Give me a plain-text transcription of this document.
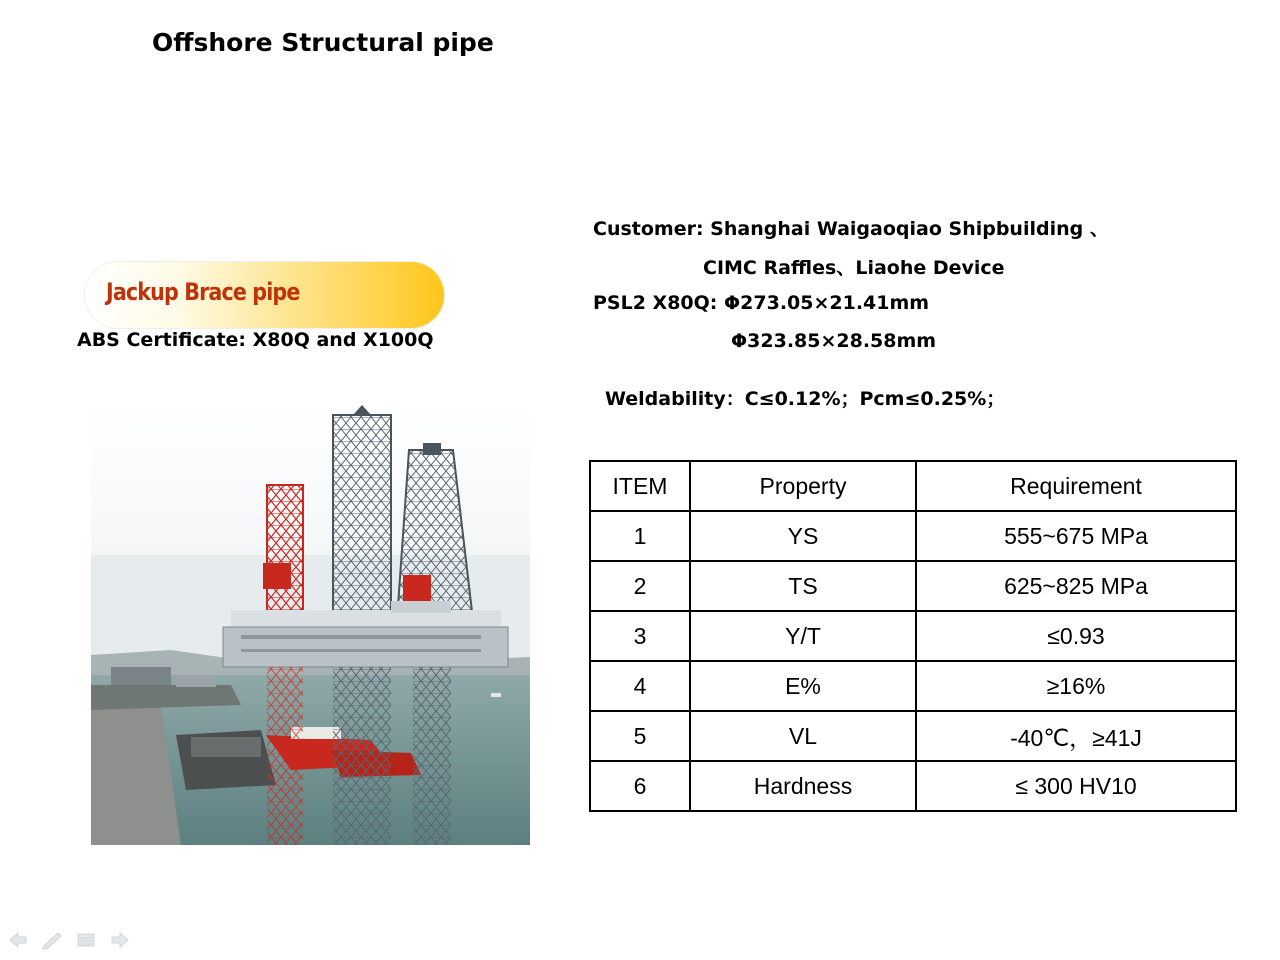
Offshore Structural pipe
Jackup Brace pipe
ABS Certificate: X80Q and X100Q
Customer: Shanghai Waigaoqiao Shipbuilding 、
CIMC Raffles、Liaohe Device
PSL2 X80Q: Φ273.05×21.41mm
Φ323.85×28.58mm
Weldability：C≤0.12%；Pcm≤0.25%；
ITEM	Property	Requirement
1	YS	555~675 MPa
2	TS	625~825 MPa
3	Y/T	≤0.93
4	E%	≥16%
5	VL	-40℃，≥41J
6	Hardness	≤ 300 HV10
